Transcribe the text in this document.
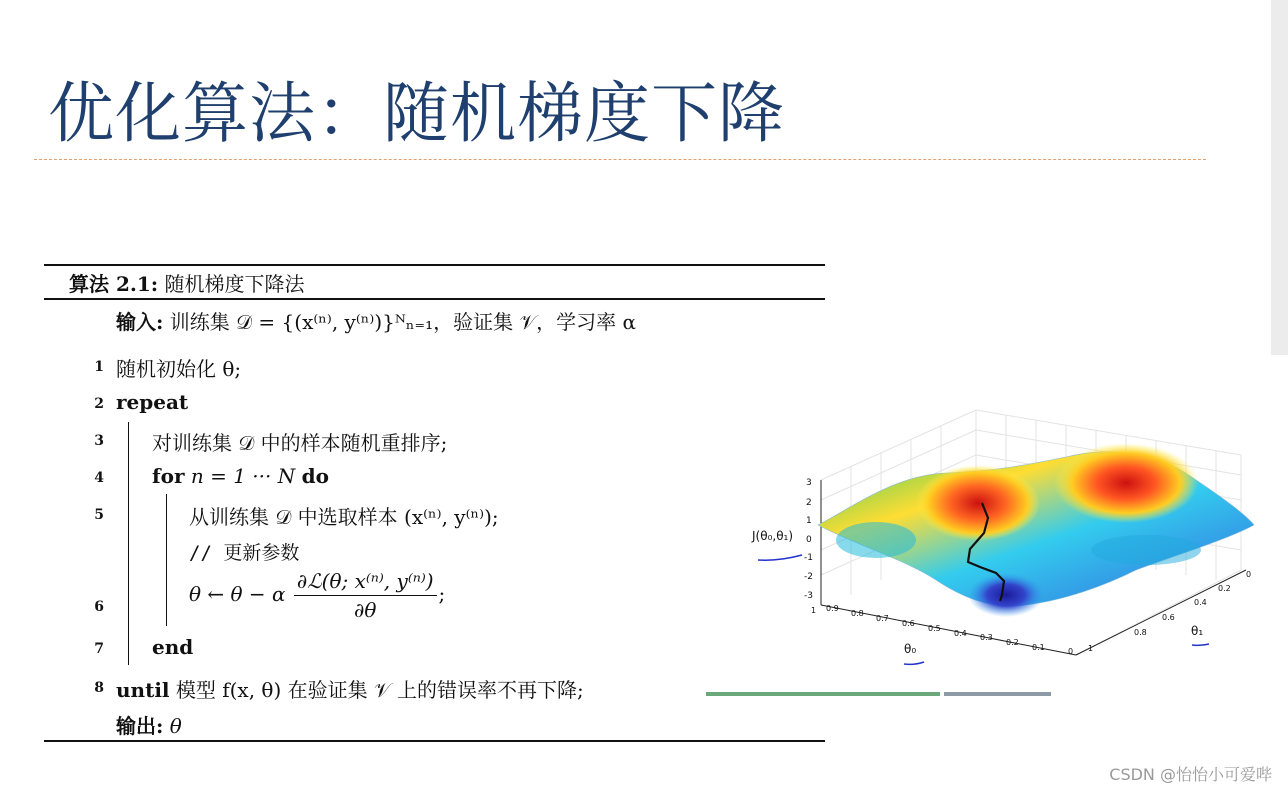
优化算法：随机梯度下降
算法 2.1: 随机梯度下降法
输入: 训练集 𝒟 = {(x⁽ⁿ⁾, y⁽ⁿ⁾)}ᴺₙ₌₁，验证集 𝒱，学习率 α
1 随机初始化 θ;
2 repeat
3 对训练集 𝒟 中的样本随机重排序;
4 for n = 1 ··· N do
5	从训练集 𝒟 中选取样本 (x⁽ⁿ⁾, y⁽ⁿ⁾);
// 更新参数
6
θ ← θ − α $\frac{\text{∂ℒ(θ; x⁽ⁿ⁾, y⁽ⁿ⁾)}}{\partial\theta}$ ;
7 end
8 until 模型 f(x, θ) 在验证集 𝒱 上的错误率不再下降;
输出: θ
3
2
1
0
-1
-2
-3
1 0.9
0.8
0.7
0.6
0.5
0.4 0.3
0.2
0.1	0
0
0.2
0.4
0.6
0.8
1
J(θ₀,θ₁)
θ₀
θ₁
CSDN @怡怡小可爱哔
